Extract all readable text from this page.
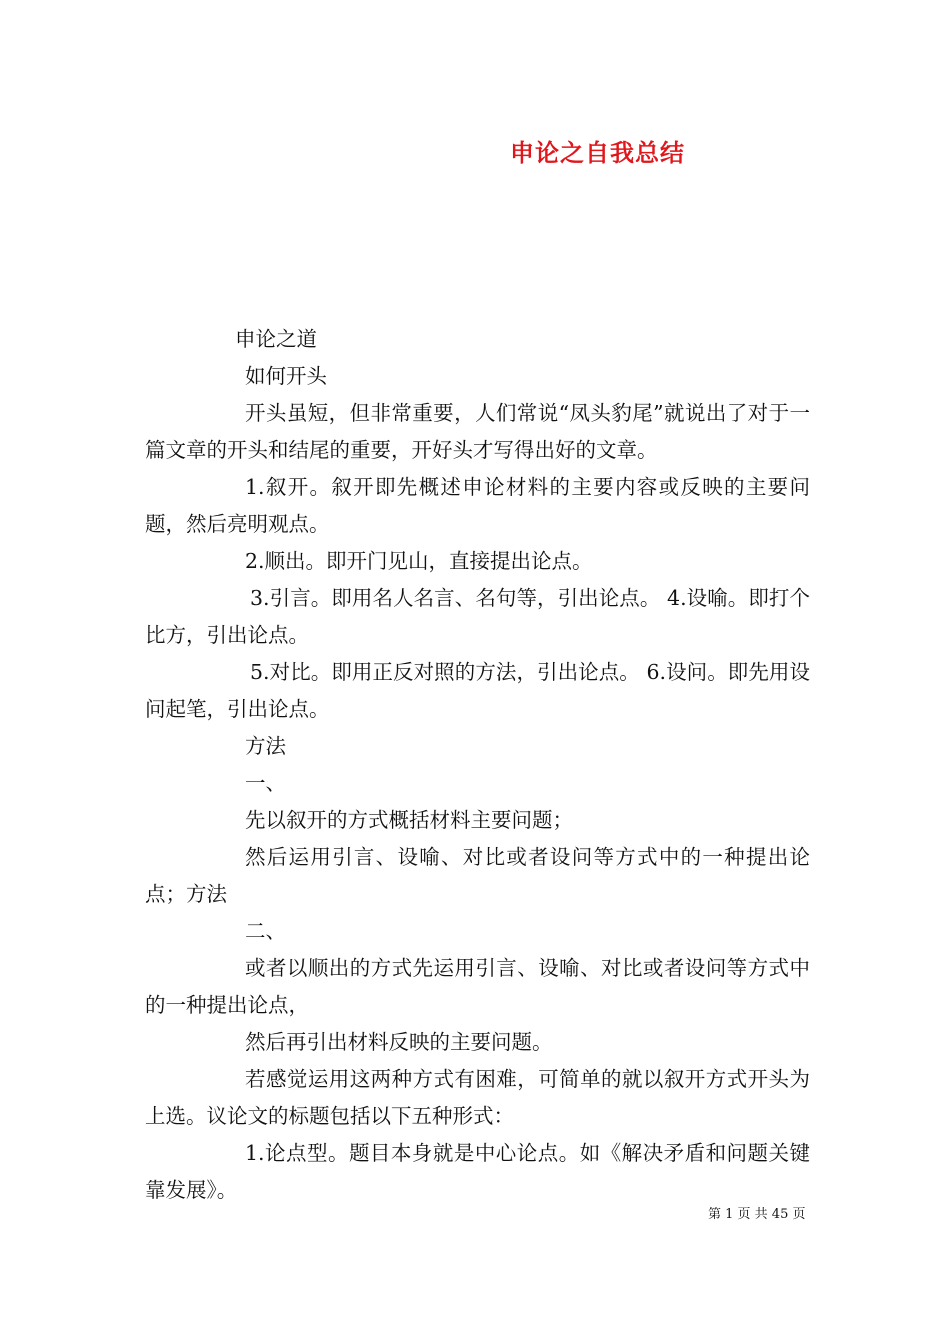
申论之自我总结

申论之道

如何开头

开头虽短，但非常重要，人们常说“凤头豹尾”就说出了对于一篇文章的开头和结尾的重要，开好头才写得出好的文章。

1.叙开。叙开即先概述申论材料的主要内容或反映的主要问题，然后亮明观点。

2.顺出。即开门见山，直接提出论点。

3.引言。即用名人名言、名句等，引出论点。 4.设喻。即打个比方，引出论点。

5.对比。即用正反对照的方法，引出论点。 6.设问。即先用设问起笔，引出论点。

方法

一、

先以叙开的方式概括材料主要问题；

然后运用引言、设喻、对比或者设问等方式中的一种提出论点；方法

二、

或者以顺出的方式先运用引言、设喻、对比或者设问等方式中的一种提出论点，

然后再引出材料反映的主要问题。

若感觉运用这两种方式有困难，可简单的就以叙开方式开头为上选。议论文的标题包括以下五种形式：

1.论点型。题目本身就是中心论点。如《解决矛盾和问题关键靠发展》。

第 1 页 共 45 页
